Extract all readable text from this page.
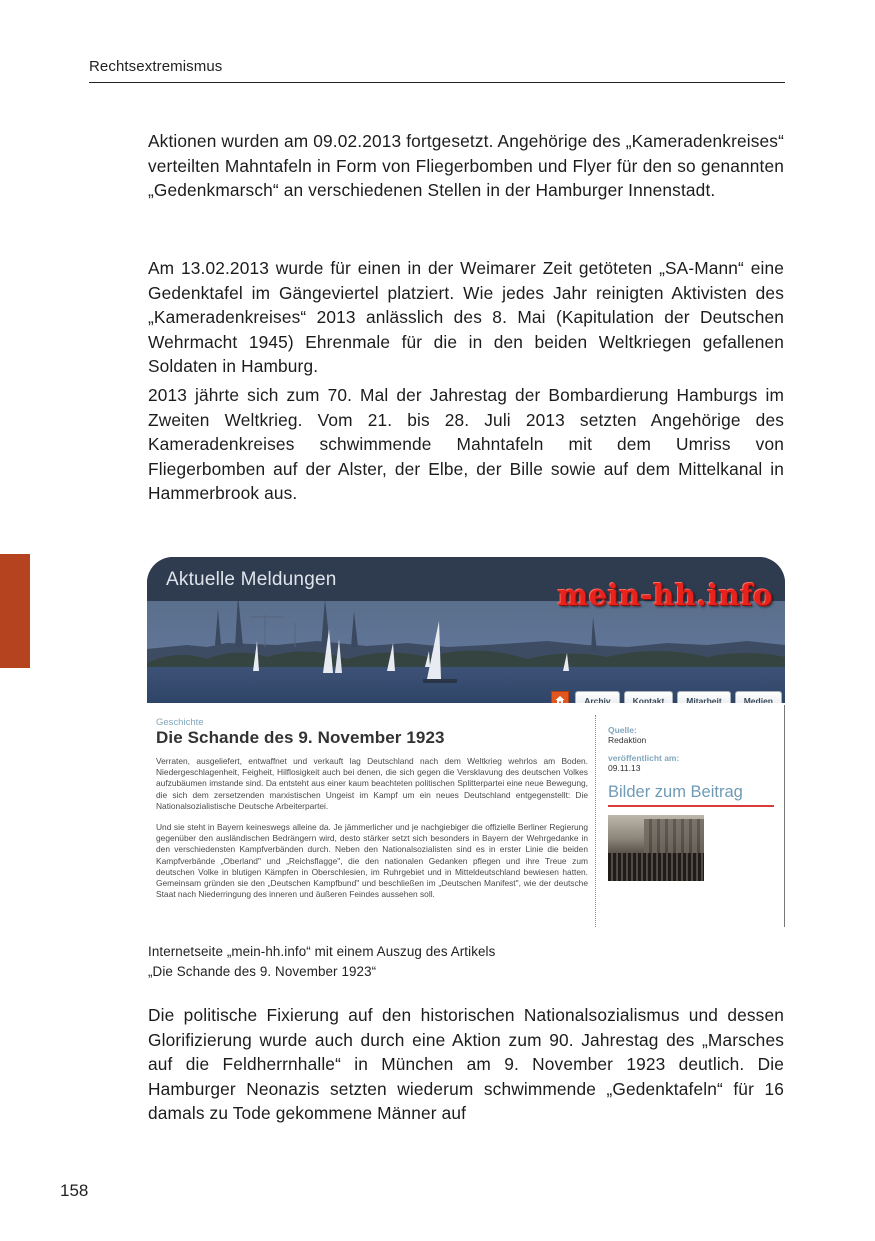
Rechtsextremismus

Aktionen wurden am 09.02.2013 fortgesetzt. Angehörige des „Kameradenkreises“ verteilten Mahntafeln in Form von Fliegerbomben und Flyer für den so genannten „Gedenkmarsch“ an verschiedenen Stellen in der Hamburger Innenstadt.

Am 13.02.2013 wurde für einen in der Weimarer Zeit getöteten „SA-Mann“ eine Gedenktafel im Gängeviertel platziert. Wie jedes Jahr reinigten Aktivisten des „Kameradenkreises“ 2013 anlässlich des 8. Mai (Kapitulation der Deutschen Wehrmacht 1945) Ehrenmale für die in den beiden Weltkriegen gefallenen Soldaten in Hamburg.

2013 jährte sich zum 70. Mal der Jahrestag der Bombardierung Hamburgs im Zweiten Weltkrieg. Vom 21. bis 28. Juli 2013 setzten Angehörige des Kameradenkreises schwimmende Mahntafeln mit dem Umriss von Fliegerbomben auf der Alster, der Elbe, der Bille sowie auf dem Mittelkanal in Hammerbrook aus.

Aktuelle Meldungen	mein-hh.info
Archiv	Kontakt	Mitarbeit	Medien
Geschichte
Die Schande des 9. November 1923

Verraten, ausgeliefert, entwaffnet und verkauft lag Deutschland nach dem Weltkrieg wehrlos am Boden. Niedergeschlagenheit, Feigheit, Hilflosigkeit auch bei denen, die sich gegen die Versklavung des deutschen Volkes aufzubäumen imstande sind. Da entsteht aus einer kaum beachteten politischen Splitterpartei eine neue Bewegung, die sich dem zersetzenden marxistischen Ungeist im Kampf um ein neues Deutschland entgegenstellt: Die Nationalsozialistische Deutsche Arbeiterpartei.

Und sie steht in Bayern keineswegs alleine da. Je jämmerlicher und je nachgiebiger die offizielle Berliner Regierung gegenüber den ausländischen Bedrängern wird, desto stärker setzt sich besonders in Bayern der Wehrgedanke in den verschiedensten Kampfverbänden durch. Neben den Nationalsozialisten sind es in erster Linie die beiden Kampfverbände „Oberland" und „Reichsflagge", die den nationalen Gedanken pflegen und ihre Treue zum deutschen Volke in blutigen Kämpfen in Oberschlesien, im Ruhrgebiet und in Mitteldeutschland bewiesen hatten. Gemeinsam gründen sie den „Deutschen Kampfbund" und beschließen im „Deutschen Manifest", wie der deutsche Staat nach Niederringung des inneren und äußeren Feindes aussehen soll.

Quelle:
Redaktion
veröffentlicht am:
09.11.13
Bilder zum Beitrag
Internetseite „mein-hh.info“ mit einem Auszug des Artikels
„Die Schande des 9. November 1923“

Die politische Fixierung auf den historischen Nationalsozialismus und dessen Glorifizierung wurde auch durch eine Aktion zum 90. Jahrestag des „Marsches auf die Feldherrnhalle“ in München am 9. November 1923 deutlich. Die Hamburger Neonazis setzten wiederum schwimmende „Gedenktafeln“ für 16 damals zu Tode gekommene Männer auf

158
